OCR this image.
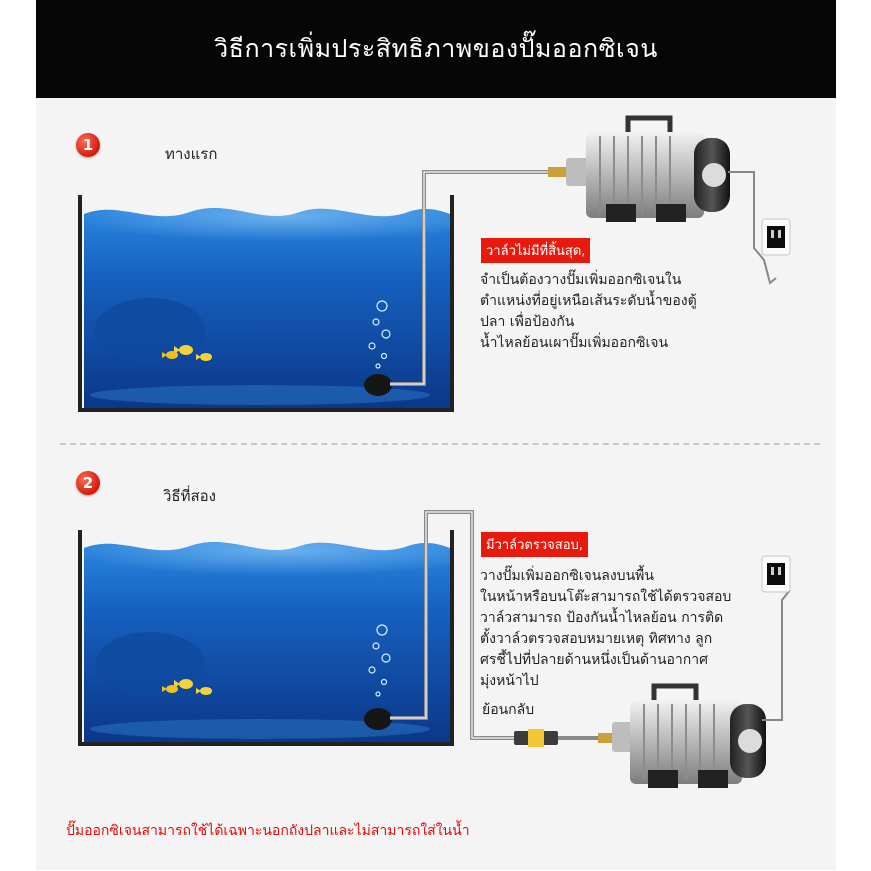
วิธีการเพิ่มประสิทธิภาพของปั๊มออกซิเจน
1	ทางแรก
วาล์วไม่มีที่สิ้นสุด,
จำเป็นต้องวางปั๊มเพิ่มออกซิเจนใน
ตำแหน่งที่อยู่เหนือเส้นระดับน้ำของตู้
ปลา เพื่อป้องกัน
น้ำไหลย้อนเผาปั๊มเพิ่มออกซิเจน
2
วิธีที่สอง
มีวาล์วตรวจสอบ,
วางปั๊มเพิ่มออกซิเจนลงบนพื้น
ในหน้าหรือบนโต๊ะสามารถใช้ได้ตรวจสอบ
วาล์วสามารถ ป้องกันน้ำไหลย้อน การติด
ตั้งวาล์วตรวจสอบหมายเหตุ ทิศทาง ลูก
ศรชี้ไปที่ปลายด้านหนึ่งเป็นด้านอากาศ
มุ่งหน้าไป
ย้อนกลับ
ปั๊มออกซิเจนสามารถใช้ได้เฉพาะนอกถังปลาและไม่สามารถใส่ในน้ำ
